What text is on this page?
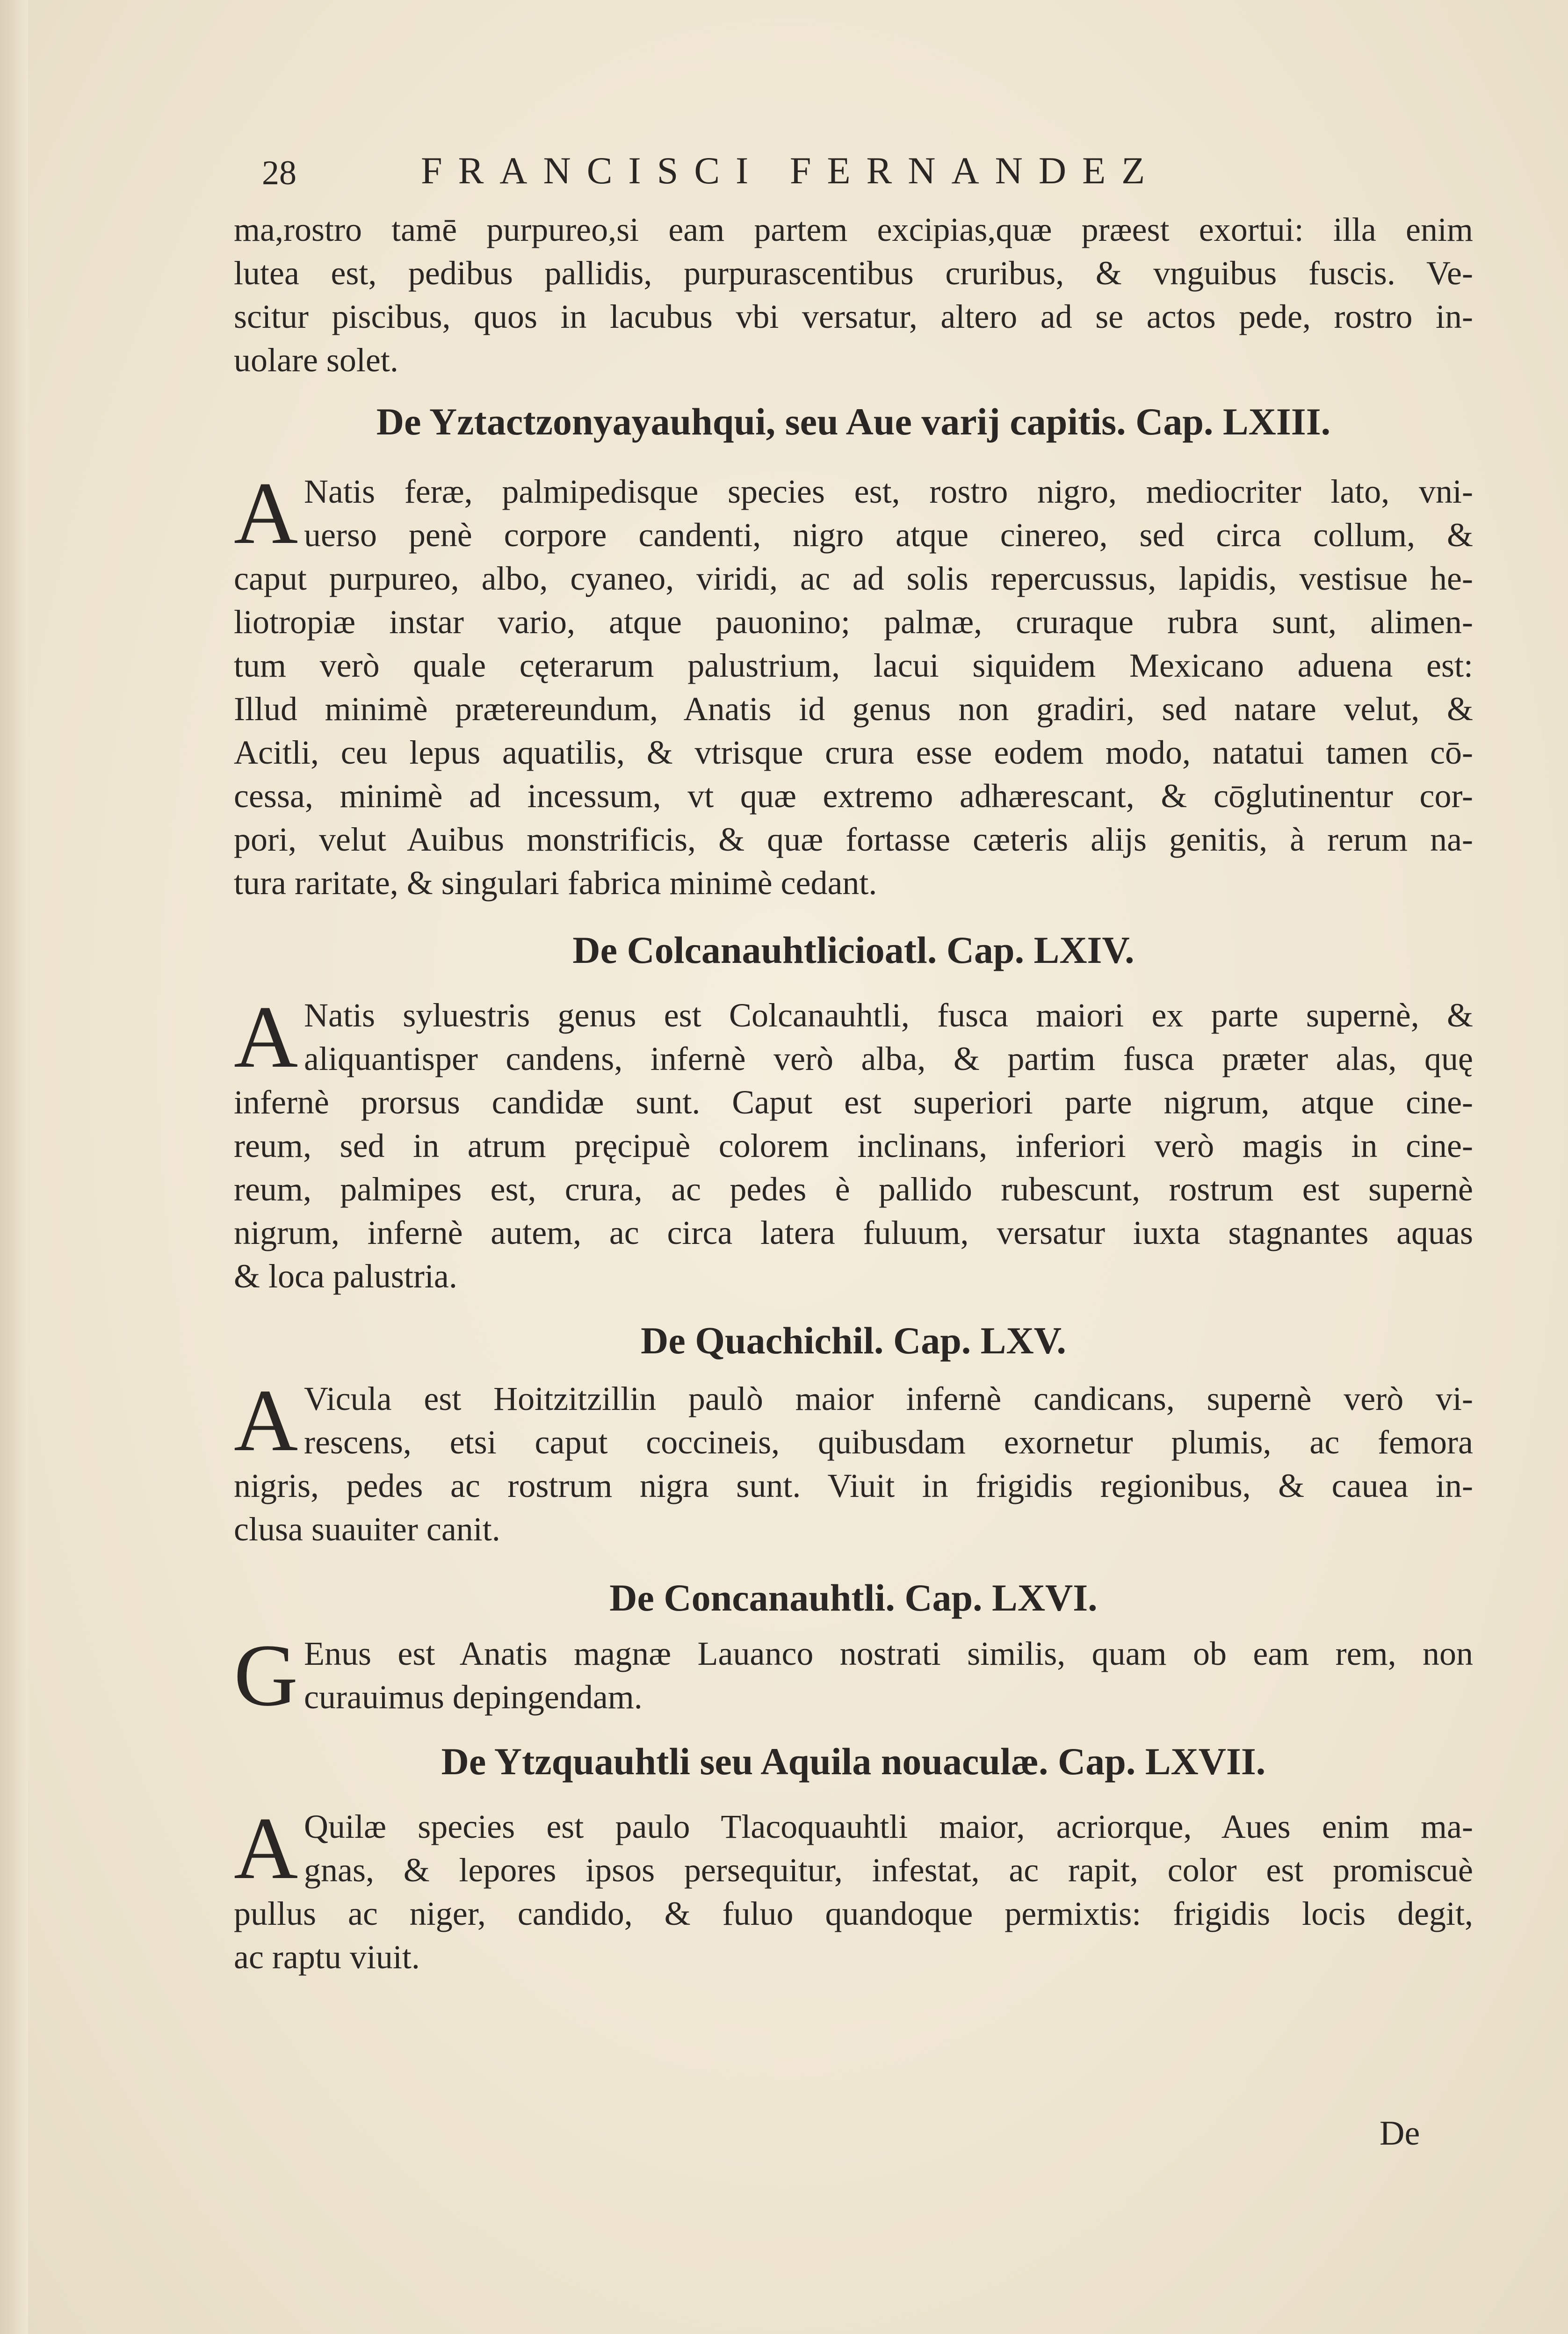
28	FRANCISCI FERNANDEZ
ma,rostro tamē purpureo,si eam partem excipias,quæ præest exortui: illa enim
lutea est, pedibus pallidis, purpurascentibus cruribus, & vnguibus fuscis. Ve-
scitur piscibus, quos in lacubus vbi versatur, altero ad se actos pede, rostro in-
uolare solet.
De Yztactzonyayauhqui, seu Aue varij capitis. Cap. LXIII.
A Natis feræ, palmipedisque species est, rostro nigro, mediocriter lato, vni-
uerso penè corpore candenti, nigro atque cinereo, sed circa collum, &
caput purpureo, albo, cyaneo, viridi, ac ad solis repercussus, lapidis, vestisue he-
liotropiæ instar vario, atque pauonino; palmæ, cruraque rubra sunt, alimen-
tum verò quale cęterarum palustrium, lacui siquidem Mexicano aduena est:
Illud minimè prætereundum, Anatis id genus non gradiri, sed natare velut, &
Acitli, ceu lepus aquatilis, & vtrisque crura esse eodem modo, natatui tamen cō-
cessa, minimè ad incessum, vt quæ extremo adhærescant, & cōglutinentur cor-
pori, velut Auibus monstrificis, & quæ fortasse cæteris alijs genitis, à rerum na-
tura raritate, & singulari fabrica minimè cedant.
De Colcanauhtlicioatl. Cap. LXIV.
A Natis syluestris genus est Colcanauhtli, fusca maiori ex parte supernè, &
aliquantisper candens, infernè verò alba, & partim fusca præter alas, quę
infernè prorsus candidæ sunt. Caput est superiori parte nigrum, atque cine-
reum, sed in atrum pręcipuè colorem inclinans, inferiori verò magis in cine-
reum, palmipes est, crura, ac pedes è pallido rubescunt, rostrum est supernè
nigrum, infernè autem, ac circa latera fuluum, versatur iuxta stagnantes aquas
& loca palustria.
De Quachichil. Cap. LXV.
A Vicula est Hoitzitzillin paulò maior infernè candicans, supernè verò vi-
rescens, etsi caput coccineis, quibusdam exornetur plumis, ac femora
nigris, pedes ac rostrum nigra sunt. Viuit in frigidis regionibus, & cauea in-
clusa suauiter canit.
De Concanauhtli. Cap. LXVI.
G Enus est Anatis magnæ Lauanco nostrati similis, quam ob eam rem, non
curauimus depingendam.
De Ytzquauhtli seu Aquila nouaculæ. Cap. LXVII.
A Quilæ species est paulo Tlacoquauhtli maior, acriorque, Aues enim ma-
gnas, & lepores ipsos persequitur, infestat, ac rapit, color est promiscuè
pullus ac niger, candido, & fuluo quandoque permixtis: frigidis locis degit,
ac raptu viuit.
De
